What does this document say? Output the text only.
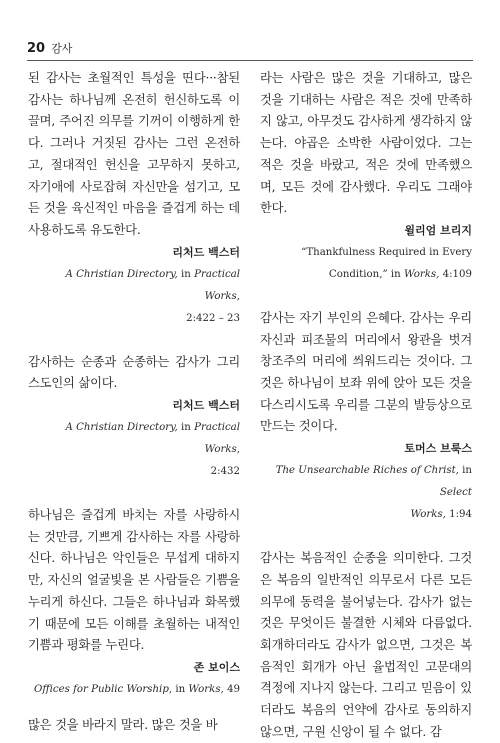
20 감사

된 감사는 초월적인 특성을 띤다···참된 감사는 하나님께 온전히 헌신하도록 이끌며, 주어진 의무를 기꺼이 이행하게 한다. 그러나 거짓된 감사는 그런 온전하고, 절대적인 헌신을 고무하지 못하고, 자기애에 사로잡혀 자신만을 섬기고, 모든 것을 육신적인 마음을 즐겁게 하는 데 사용하도록 유도한다.

리처드 백스터

A Christian Directory, in Practical Works,
2:422 – 23

감사하는 순종과 순종하는 감사가 그리스도인의 삶이다.

리처드 백스터

A Christian Directory, in Practical Works,
2:432

하나님은 즐겁게 바치는 자를 사랑하시는 것만큼, 기쁘게 감사하는 자를 사랑하신다. 하나님은 악인들은 무섭게 대하지만, 자신의 얼굴빛을 본 사람들은 기쁨을 누리게 하신다. 그들은 하나님과 화목했기 때문에 모든 이해를 초월하는 내적인 기쁨과 평화를 누린다.

존 보이스

Offices for Public Worship, in Works, 49

많은 것을 바라지 말라. 많은 것을 바

라는 사람은 많은 것을 기대하고, 많은 것을 기대하는 사람은 적은 것에 만족하지 않고, 아무것도 감사하게 생각하지 않는다. 야곱은 소박한 사람이었다. 그는 적은 것을 바랐고, 적은 것에 만족했으며, 모든 것에 감사했다. 우리도 그래야 한다.

윌리엄 브리지

“Thankfulness Required in Every
Condition,” in Works, 4:109

감사는 자기 부인의 은혜다. 감사는 우리 자신과 피조물의 머리에서 왕관을 벗겨 창조주의 머리에 씌워드리는 것이다. 그것은 하나님이 보좌 위에 앉아 모든 것을 다스리시도록 우리를 그분의 발등상으로 만드는 것이다.

토머스 브룩스

The Unsearchable Riches of Christ, in Select
Works, 1:94

감사는 복음적인 순종을 의미한다. 그것은 복음의 일반적인 의무로서 다른 모든 의무에 동력을 불어넣는다. 감사가 없는 것은 무엇이든 불결한 시체와 다름없다. 회개하더라도 감사가 없으면, 그것은 복음적인 회개가 아닌 율법적인 고문대의 격정에 지나지 않는다. 그리고 믿음이 있더라도 복음의 언약에 감사로 동의하지 않으면, 구원 신앙이 될 수 없다. 감
